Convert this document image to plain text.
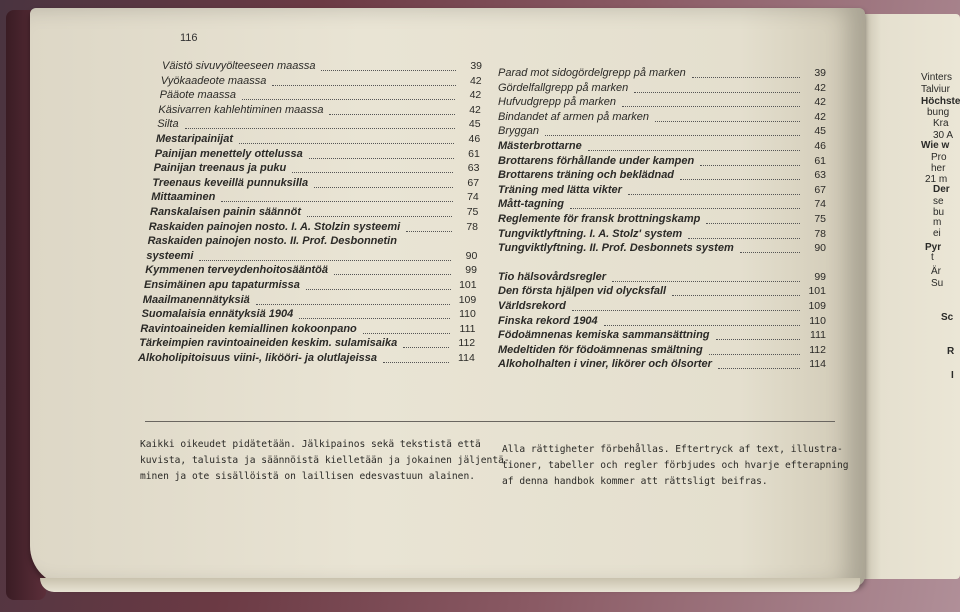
Vinters
Talviur
Höchste
bung
Kra
30 A
Wie w
Pro
her
21 m
Der
se
bu
m
ei
Pyr
t
Är
Su
Sc
R
I
116
Väistö sivuvyölteeseen maassa	39
Vyökaadeote maassa	42
Pääote maassa	42
Käsivarren kahlehtiminen maassa	42
Silta	45
Mestaripainijat	46
Painijan menettely ottelussa	61
Painijan treenaus ja puku	63
Treenaus keveillä punnuksilla	67
Mittaaminen	74
Ranskalaisen painin säännöt	75
Raskaiden painojen nosto. I. A. Stolzin systeemi	78
Raskaiden painojen nosto. II. Prof. Desbonnetin
systeemi	90
Kymmenen terveydenhoitosääntöä	99
Ensimäinen apu tapaturmissa	101
Maailmanennätyksiä	109
Suomalaisia ennätyksiä 1904	110
Ravintoaineiden kemiallinen kokoonpano	111
Tärkeimpien ravintoaineiden keskim. sulamisaika	112
Alkoholipitoisuus viini-, likööri- ja olutlajeissa	114
Parad mot sidogördelgrepp på marken	39
Gördelfallgrepp på marken	42
Hufvudgrepp på marken	42
Bindandet af armen på marken	42
Bryggan	45
Mästerbrottarne	46
Brottarens förhållande under kampen	61
Brottarens träning och beklädnad	63
Träning med lätta vikter	67
Mått-tagning	74
Reglemente för fransk brottningskamp	75
Tungviktlyftning. I. A. Stolz' system	78
Tungviktlyftning. II. Prof. Desbonnets system	90
Tio hälsovårdsregler	99
Den första hjälpen vid olycksfall	101
Världsrekord	109
Finska rekord 1904	110
Födoämnenas kemiska sammansättning	111
Medeltiden för födoämnenas smältning	112
Alkoholhalten i viner, likörer och ölsorter	114
Kaikki oikeudet pidätetään. Jälkipainos sekä tekstistä että
kuvista, taluista ja säännöistä kielletään ja jokainen jäljentä-
minen ja ote sisällöistä on laillisen edesvastuun alainen.
Alla rättigheter förbehållas. Eftertryck af text, illustra-
tioner, tabeller och regler förbjudes och hvarje efterapning
af denna handbok kommer att rättsligt beifras.
